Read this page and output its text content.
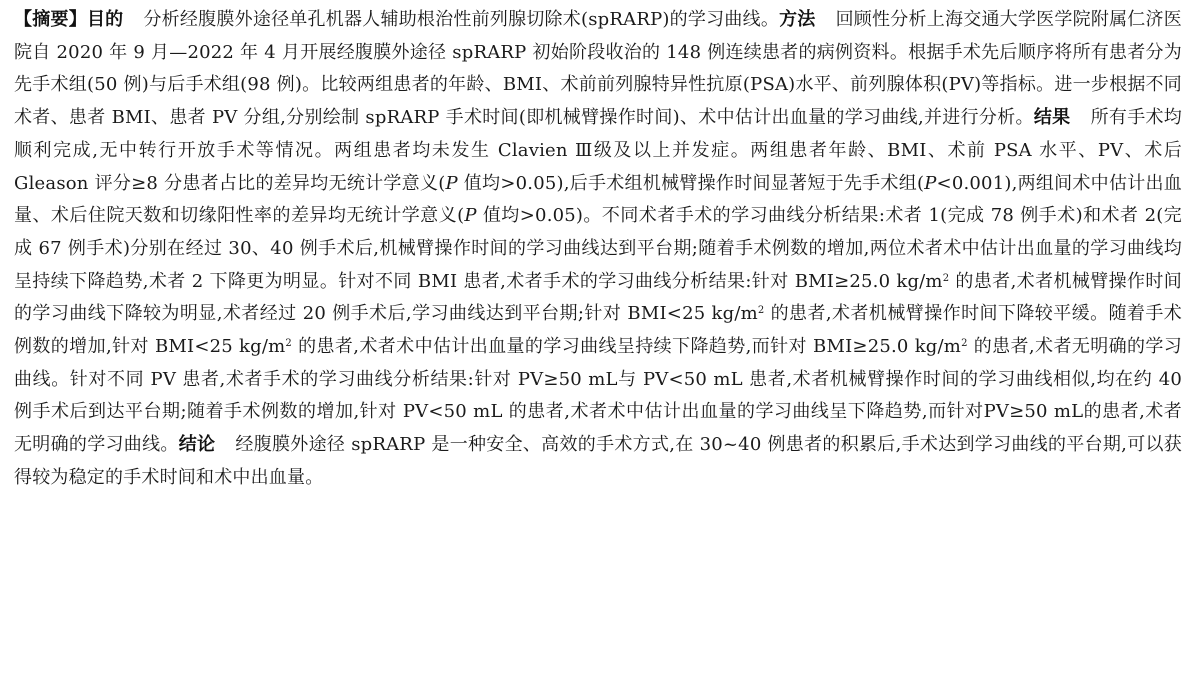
【摘要】目的 分析经腹膜外途径单孔机器人辅助根治性前列腺切除术(spRARP)的学习曲线。方法 回顾性分析上海交通大学医学院附属仁济医院自 2020 年 9 月—2022 年 4 月开展经腹膜外途径 spRARP 初始阶段收治的 148 例连续患者的病例资料。根据手术先后顺序将所有患者分为先手术组(50 例)与后手术组(98 例)。比较两组患者的年龄、BMI、术前前列腺特异性抗原(PSA)水平、前列腺体积(PV)等指标。进一步根据不同术者、患者 BMI、患者 PV 分组,分别绘制 spRARP 手术时间(即机械臂操作时间)、术中估计出血量的学习曲线,并进行分析。结果 所有手术均顺利完成,无中转行开放手术等情况。两组患者均未发生 Clavien Ⅲ级及以上并发症。两组患者年龄、BMI、术前 PSA 水平、PV、术后 Gleason 评分≥8 分患者占比的差异均无统计学意义(P 值均>0.05),后手术组机械臂操作时间显著短于先手术组(P<0.001),两组间术中估计出血量、术后住院天数和切缘阳性率的差异均无统计学意义(P 值均>0.05)。不同术者手术的学习曲线分析结果:术者 1(完成 78 例手术)和术者 2(完成 67 例手术)分别在经过 30、40 例手术后,机械臂操作时间的学习曲线达到平台期;随着手术例数的增加,两位术者术中估计出血量的学习曲线均呈持续下降趋势,术者 2 下降更为明显。针对不同 BMI 患者,术者手术的学习曲线分析结果:针对 BMI≥25.0 $kg/m^2$ 的患者,术者机械臂操作时间的学习曲线下降较为明显,术者经过 20 例手术后,学习曲线达到平台期;针对 BMI<25 $kg/m^2$ 的患者,术者机械臂操作时间下降较平缓。随着手术例数的增加,针对 BMI<25 $kg/m^2$ 的患者,术者术中估计出血量的学习曲线呈持续下降趋势,而针对 BMI≥25.0 $kg/m^2$ 的患者,术者无明确的学习曲线。针对不同 PV 患者,术者手术的学习曲线分析结果:针对 PV≥50 mL与 PV<50 mL 患者,术者机械臂操作时间的学习曲线相似,均在约 40 例手术后到达平台期;随着手术例数的增加,针对 PV<50 mL 的患者,术者术中估计出血量的学习曲线呈下降趋势,而针对PV≥50 mL的患者,术者无明确的学习曲线。结论 经腹膜外途径 spRARP 是一种安全、高效的手术方式,在 30~40 例患者的积累后,手术达到学习曲线的平台期,可以获得较为稳定的手术时间和术中出血量。
